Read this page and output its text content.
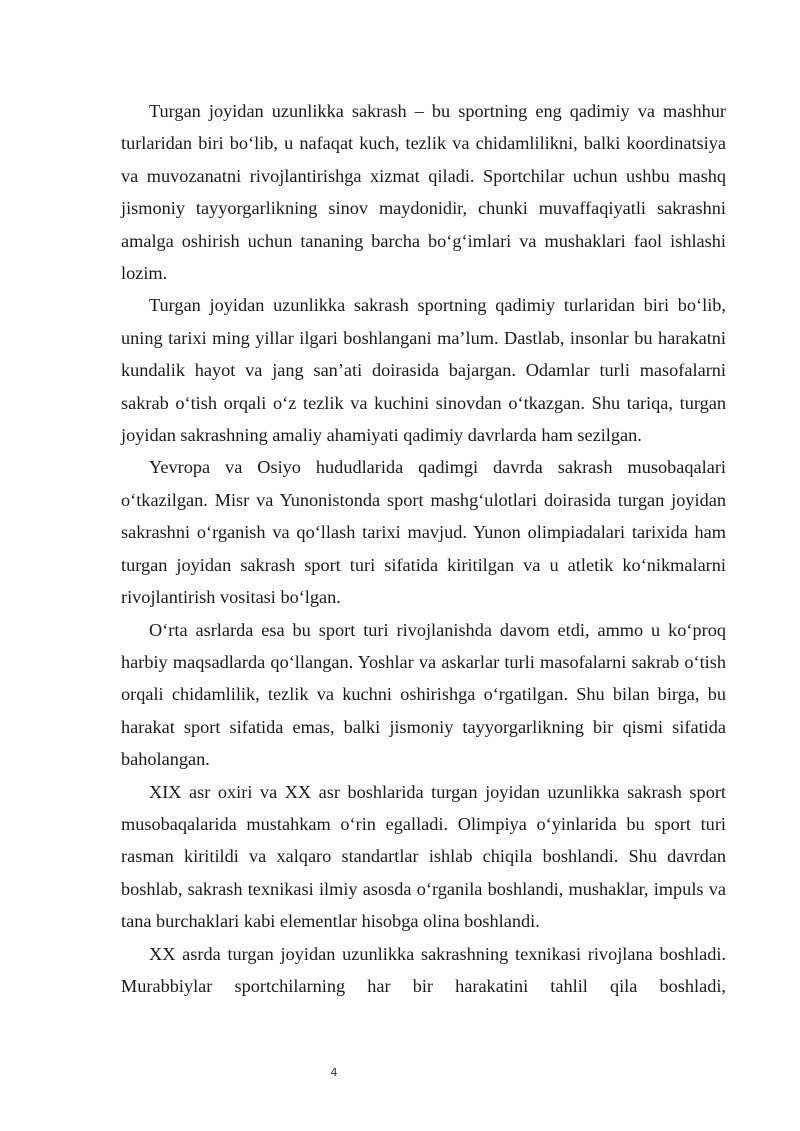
Turgan joyidan uzunlikka sakrash – bu sportning eng qadimiy va mashhur turlaridan biri bo‘lib, u nafaqat kuch, tezlik va chidamlilikni, balki koordinatsiya va muvozanatni rivojlantirishga xizmat qiladi. Sportchilar uchun ushbu mashq jismoniy tayyorgarlikning sinov maydonidir, chunki muvaffaqiyatli sakrashni amalga oshirish uchun tananing barcha bo‘g‘imlari va mushaklari faol ishlashi lozim.

Turgan joyidan uzunlikka sakrash sportning qadimiy turlaridan biri bo‘lib, uning tarixi ming yillar ilgari boshlangani ma’lum. Dastlab, insonlar bu harakatni kundalik hayot va jang san’ati doirasida bajargan. Odamlar turli masofalarni sakrab o‘tish orqali o‘z tezlik va kuchini sinovdan o‘tkazgan. Shu tariqa, turgan joyidan sakrashning amaliy ahamiyati qadimiy davrlarda ham sezilgan.

Yevropa va Osiyo hududlarida qadimgi davrda sakrash musobaqalari o‘tkazilgan. Misr va Yunonistonda sport mashg‘ulotlari doirasida turgan joyidan sakrashni o‘rganish va qo‘llash tarixi mavjud. Yunon olimpiadalari tarixida ham turgan joyidan sakrash sport turi sifatida kiritilgan va u atletik ko‘nikmalarni rivojlantirish vositasi bo‘lgan.

O‘rta asrlarda esa bu sport turi rivojlanishda davom etdi, ammo u ko‘proq harbiy maqsadlarda qo‘llangan. Yoshlar va askarlar turli masofalarni sakrab o‘tish orqali chidamlilik, tezlik va kuchni oshirishga o‘rgatilgan. Shu bilan birga, bu harakat sport sifatida emas, balki jismoniy tayyorgarlikning bir qismi sifatida baholangan.

XIX asr oxiri va XX asr boshlarida turgan joyidan uzunlikka sakrash sport musobaqalarida mustahkam o‘rin egalladi. Olimpiya o‘yinlarida bu sport turi rasman kiritildi va xalqaro standartlar ishlab chiqila boshlandi. Shu davrdan boshlab, sakrash texnikasi ilmiy asosda o‘rganila boshlandi, mushaklar, impuls va tana burchaklari kabi elementlar hisobga olina boshlandi.

XX asrda turgan joyidan uzunlikka sakrashning texnikasi rivojlana boshladi. Murabbiylar sportchilarning har bir harakatini tahlil qila boshladi,

4
